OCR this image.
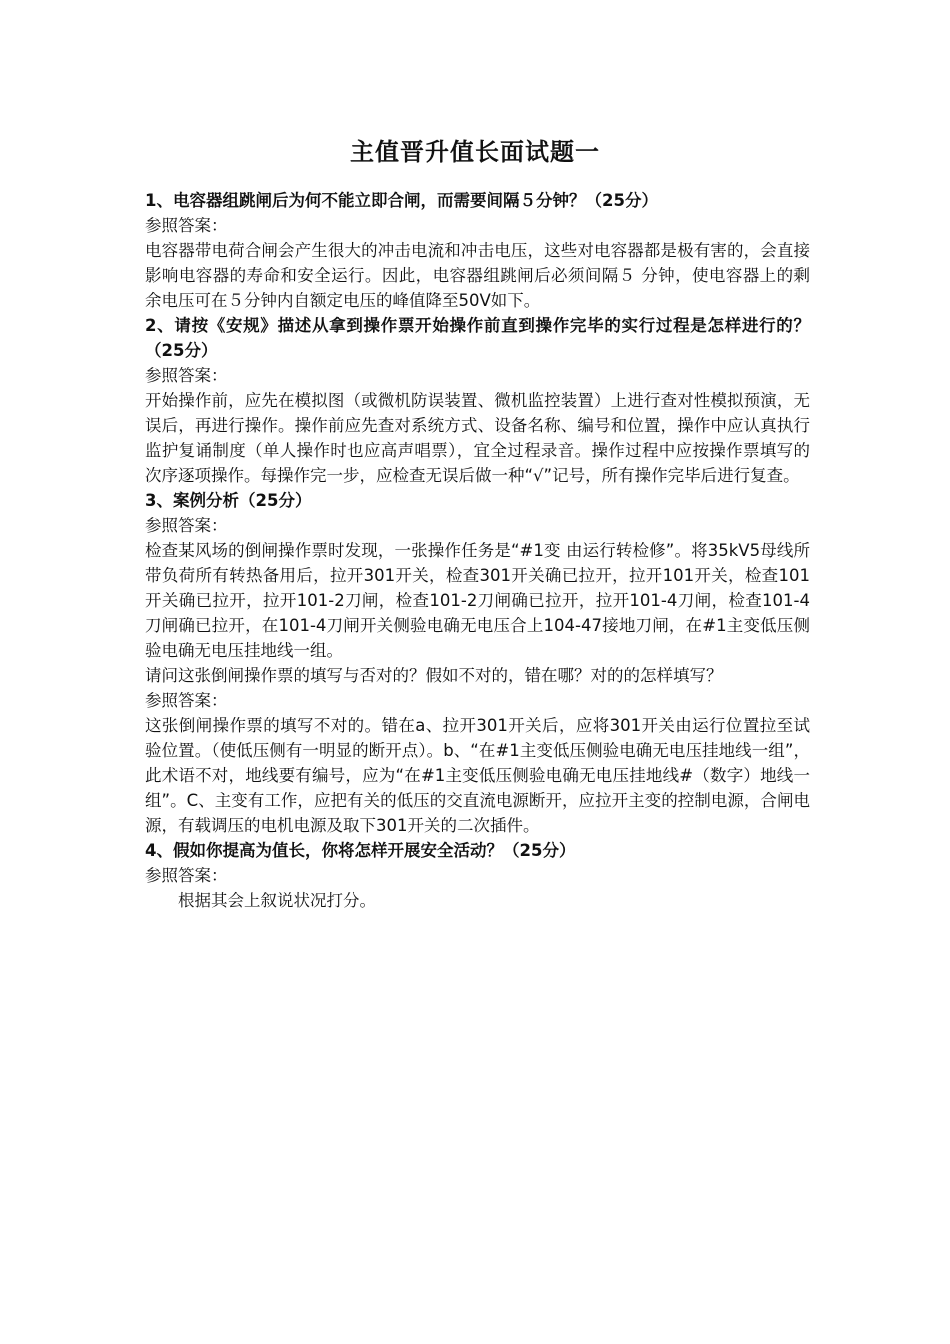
主值晋升值长面试题一

1、电容器组跳闸后为何不能立即合闸，而需要间隔５分钟？（25分）

参照答案：

电容器带电荷合闸会产生很大的冲击电流和冲击电压，这些对电容器都是极有害的，会直接影响电容器的寿命和安全运行。因此，电容器组跳闸后必须间隔５ 分钟，使电容器上的剩余电压可在５分钟内自额定电压的峰值降至50V如下。

2、请按《安规》描述从拿到操作票开始操作前直到操作完毕的实行过程是怎样进行的？（25分）

参照答案：

开始操作前，应先在模拟图（或微机防误装置、微机监控装置）上进行查对性模拟预演，无误后，再进行操作。操作前应先查对系统方式、设备名称、编号和位置，操作中应认真执行监护复诵制度（单人操作时也应高声唱票），宜全过程录音。操作过程中应按操作票填写的次序逐项操作。每操作完一步，应检查无误后做一种“√”记号，所有操作完毕后进行复查。

3、案例分析（25分）

参照答案：

检查某风场的倒闸操作票时发现，一张操作任务是“#1变 由运行转检修”。将35kV5母线所带负荷所有转热备用后，拉开301开关，检查301开关确已拉开，拉开101开关，检查101开关确已拉开，拉开101-2刀闸，检查101-2刀闸确已拉开，拉开101-4刀闸，检查101-4刀闸确已拉开，在101-4刀闸开关侧验电确无电压合上104-47接地刀闸，在#1主变低压侧验电确无电压挂地线一组。

请问这张倒闸操作票的填写与否对的？假如不对的，错在哪？对的的怎样填写？

参照答案：

这张倒闸操作票的填写不对的。错在a、拉开301开关后，应将301开关由运行位置拉至试验位置。（使低压侧有一明显的断开点）。b、“在#1主变低压侧验电确无电压挂地线一组”，此术语不对，地线要有编号，应为“在#1主变低压侧验电确无电压挂地线#（数字）地线一组”。C、主变有工作，应把有关的低压的交直流电源断开，应拉开主变的控制电源，合闸电源，有载调压的电机电源及取下301开关的二次插件。

4、假如你提高为值长，你将怎样开展安全活动？（25分）

参照答案：

根据其会上叙说状况打分。
